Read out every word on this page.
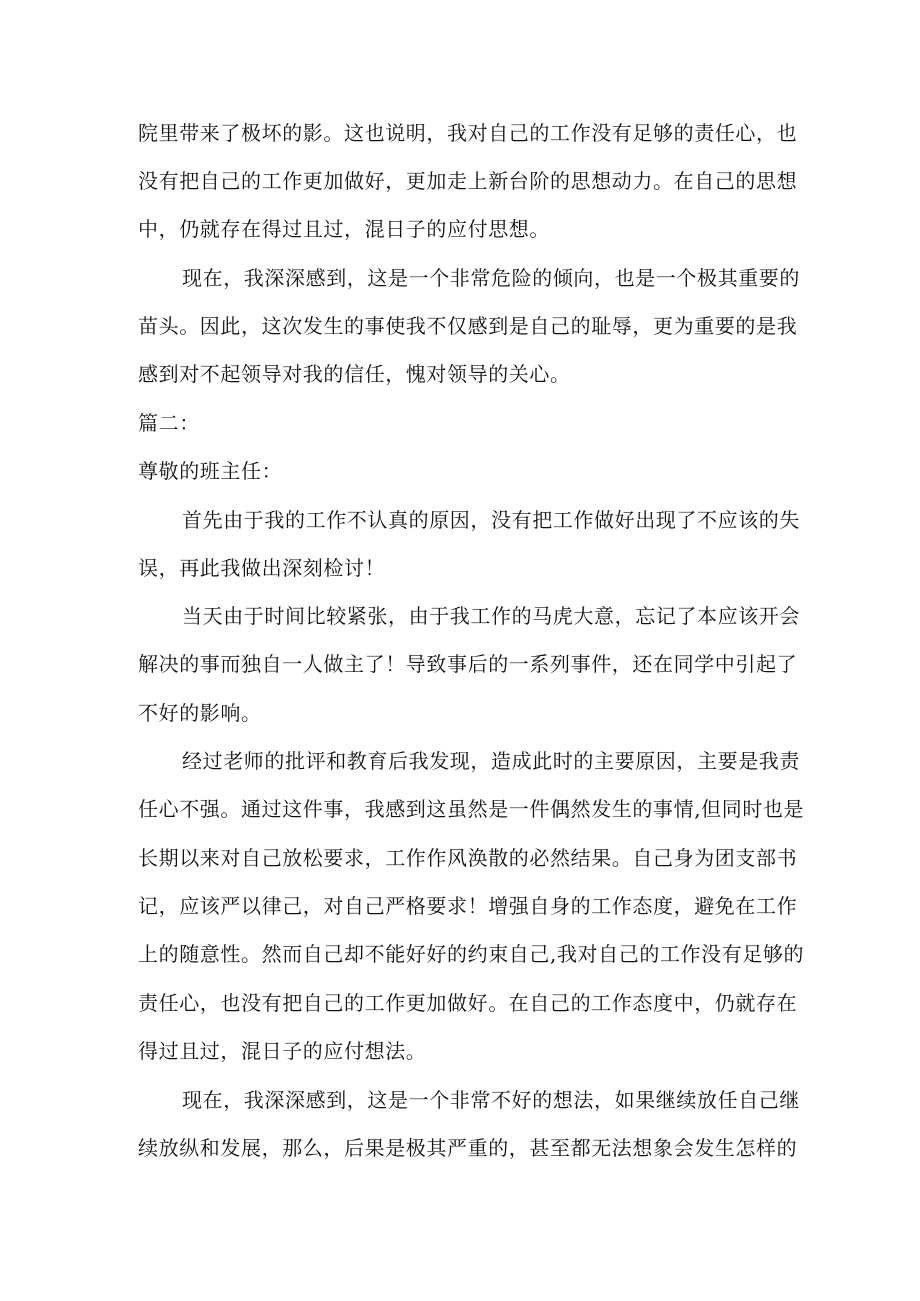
院里带来了极坏的影。这也说明，我对自己的工作没有足够的责任心，也
没有把自己的工作更加做好，更加走上新台阶的思想动力。在自己的思想
中，仍就存在得过且过，混日子的应付思想。
现在，我深深感到，这是一个非常危险的倾向，也是一个极其重要的
苗头。因此，这次发生的事使我不仅感到是自己的耻辱，更为重要的是我
感到对不起领导对我的信任，愧对领导的关心。
篇二：
尊敬的班主任：
首先由于我的工作不认真的原因，没有把工作做好出现了不应该的失
误，再此我做出深刻检讨！
当天由于时间比较紧张，由于我工作的马虎大意，忘记了本应该开会
解决的事而独自一人做主了！导致事后的一系列事件，还在同学中引起了
不好的影响。
经过老师的批评和教育后我发现，造成此时的主要原因，主要是我责
任心不强。通过这件事，我感到这虽然是一件偶然发生的事情,但同时也是
长期以来对自己放松要求，工作作风涣散的必然结果。自己身为团支部书
记，应该严以律己，对自己严格要求！增强自身的工作态度，避免在工作
上的随意性。然而自己却不能好好的约束自己,我对自己的工作没有足够的
责任心，也没有把自己的工作更加做好。在自己的工作态度中，仍就存在
得过且过，混日子的应付想法。
现在，我深深感到，这是一个非常不好的想法，如果继续放任自己继
续放纵和发展，那么，后果是极其严重的，甚至都无法想象会发生怎样的
